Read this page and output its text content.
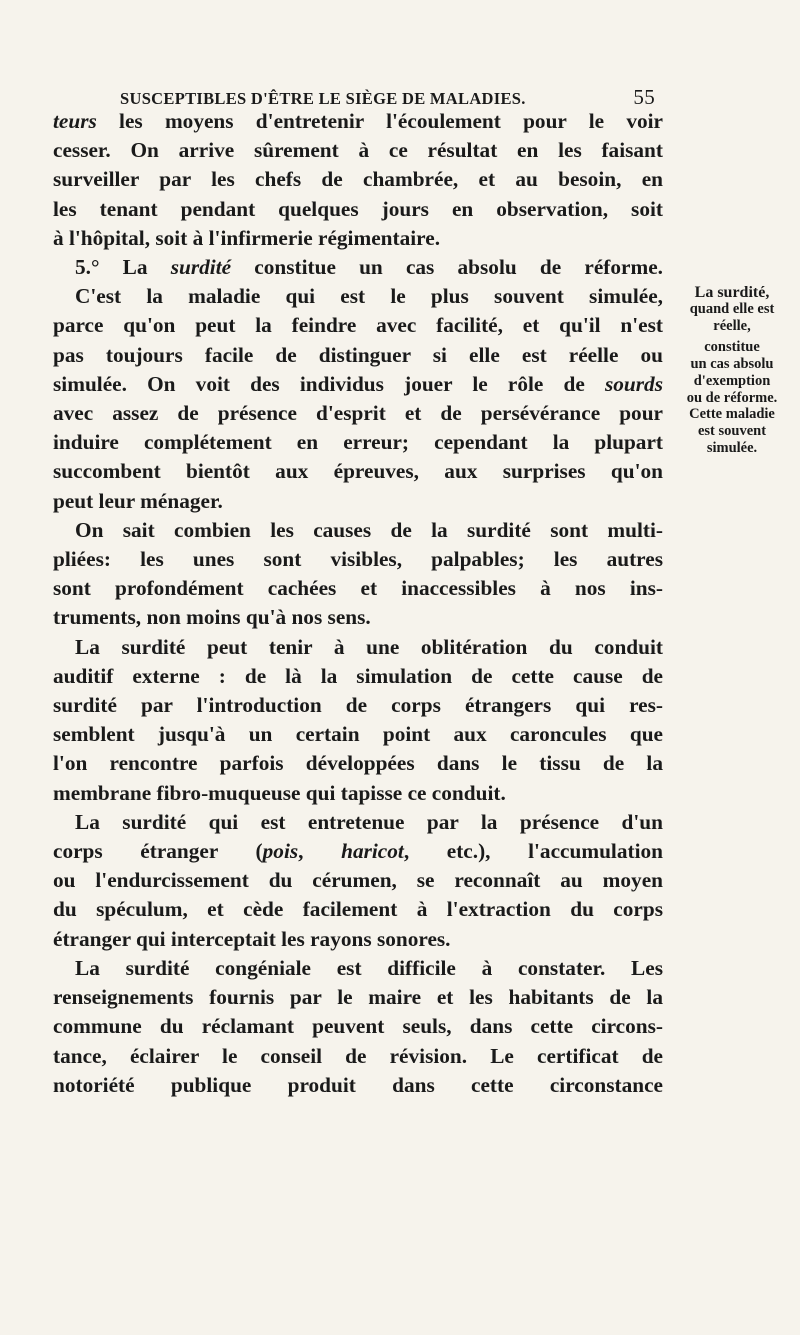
SUSCEPTIBLES D'ÊTRE LE SIÈGE DE MALADIES.	55
teurs les moyens d'entretenir l'écoulement pour le voir
cesser. On arrive sûrement à ce résultat en les faisant
surveiller par les chefs de chambrée, et au besoin, en
les tenant pendant quelques jours en observation, soit
à l'hôpital, soit à l'infirmerie régimentaire.
5.° La surdité constitue un cas absolu de réforme.
C'est la maladie qui est le plus souvent simulée,
parce qu'on peut la feindre avec facilité, et qu'il n'est
pas toujours facile de distinguer si elle est réelle ou
simulée. On voit des individus jouer le rôle de sourds
avec assez de présence d'esprit et de persévérance pour
induire complétement en erreur; cependant la plupart
succombent bientôt aux épreuves, aux surprises qu'on
peut leur ménager.
On sait combien les causes de la surdité sont multi-
pliées: les unes sont visibles, palpables; les autres
sont profondément cachées et inaccessibles à nos ins-
truments, non moins qu'à nos sens.
La surdité peut tenir à une oblitération du conduit
auditif externe : de là la simulation de cette cause de
surdité par l'introduction de corps étrangers qui res-
semblent jusqu'à un certain point aux caroncules que
l'on rencontre parfois développées dans le tissu de la
membrane fibro-muqueuse qui tapisse ce conduit.
La surdité qui est entretenue par la présence d'un
corps étranger (pois, haricot, etc.), l'accumulation
ou l'endurcissement du cérumen, se reconnaît au moyen
du spéculum, et cède facilement à l'extraction du corps
étranger qui interceptait les rayons sonores.
La surdité congéniale est difficile à constater. Les
renseignements fournis par le maire et les habitants de la
commune du réclamant peuvent seuls, dans cette circons-
tance, éclairer le conseil de révision. Le certificat de
notoriété publique produit dans cette circonstance
La surdité,
quand elle est
réelle,
constitue
un cas absolu
d'exemption
ou de réforme.
Cette maladie
est souvent
simulée.
